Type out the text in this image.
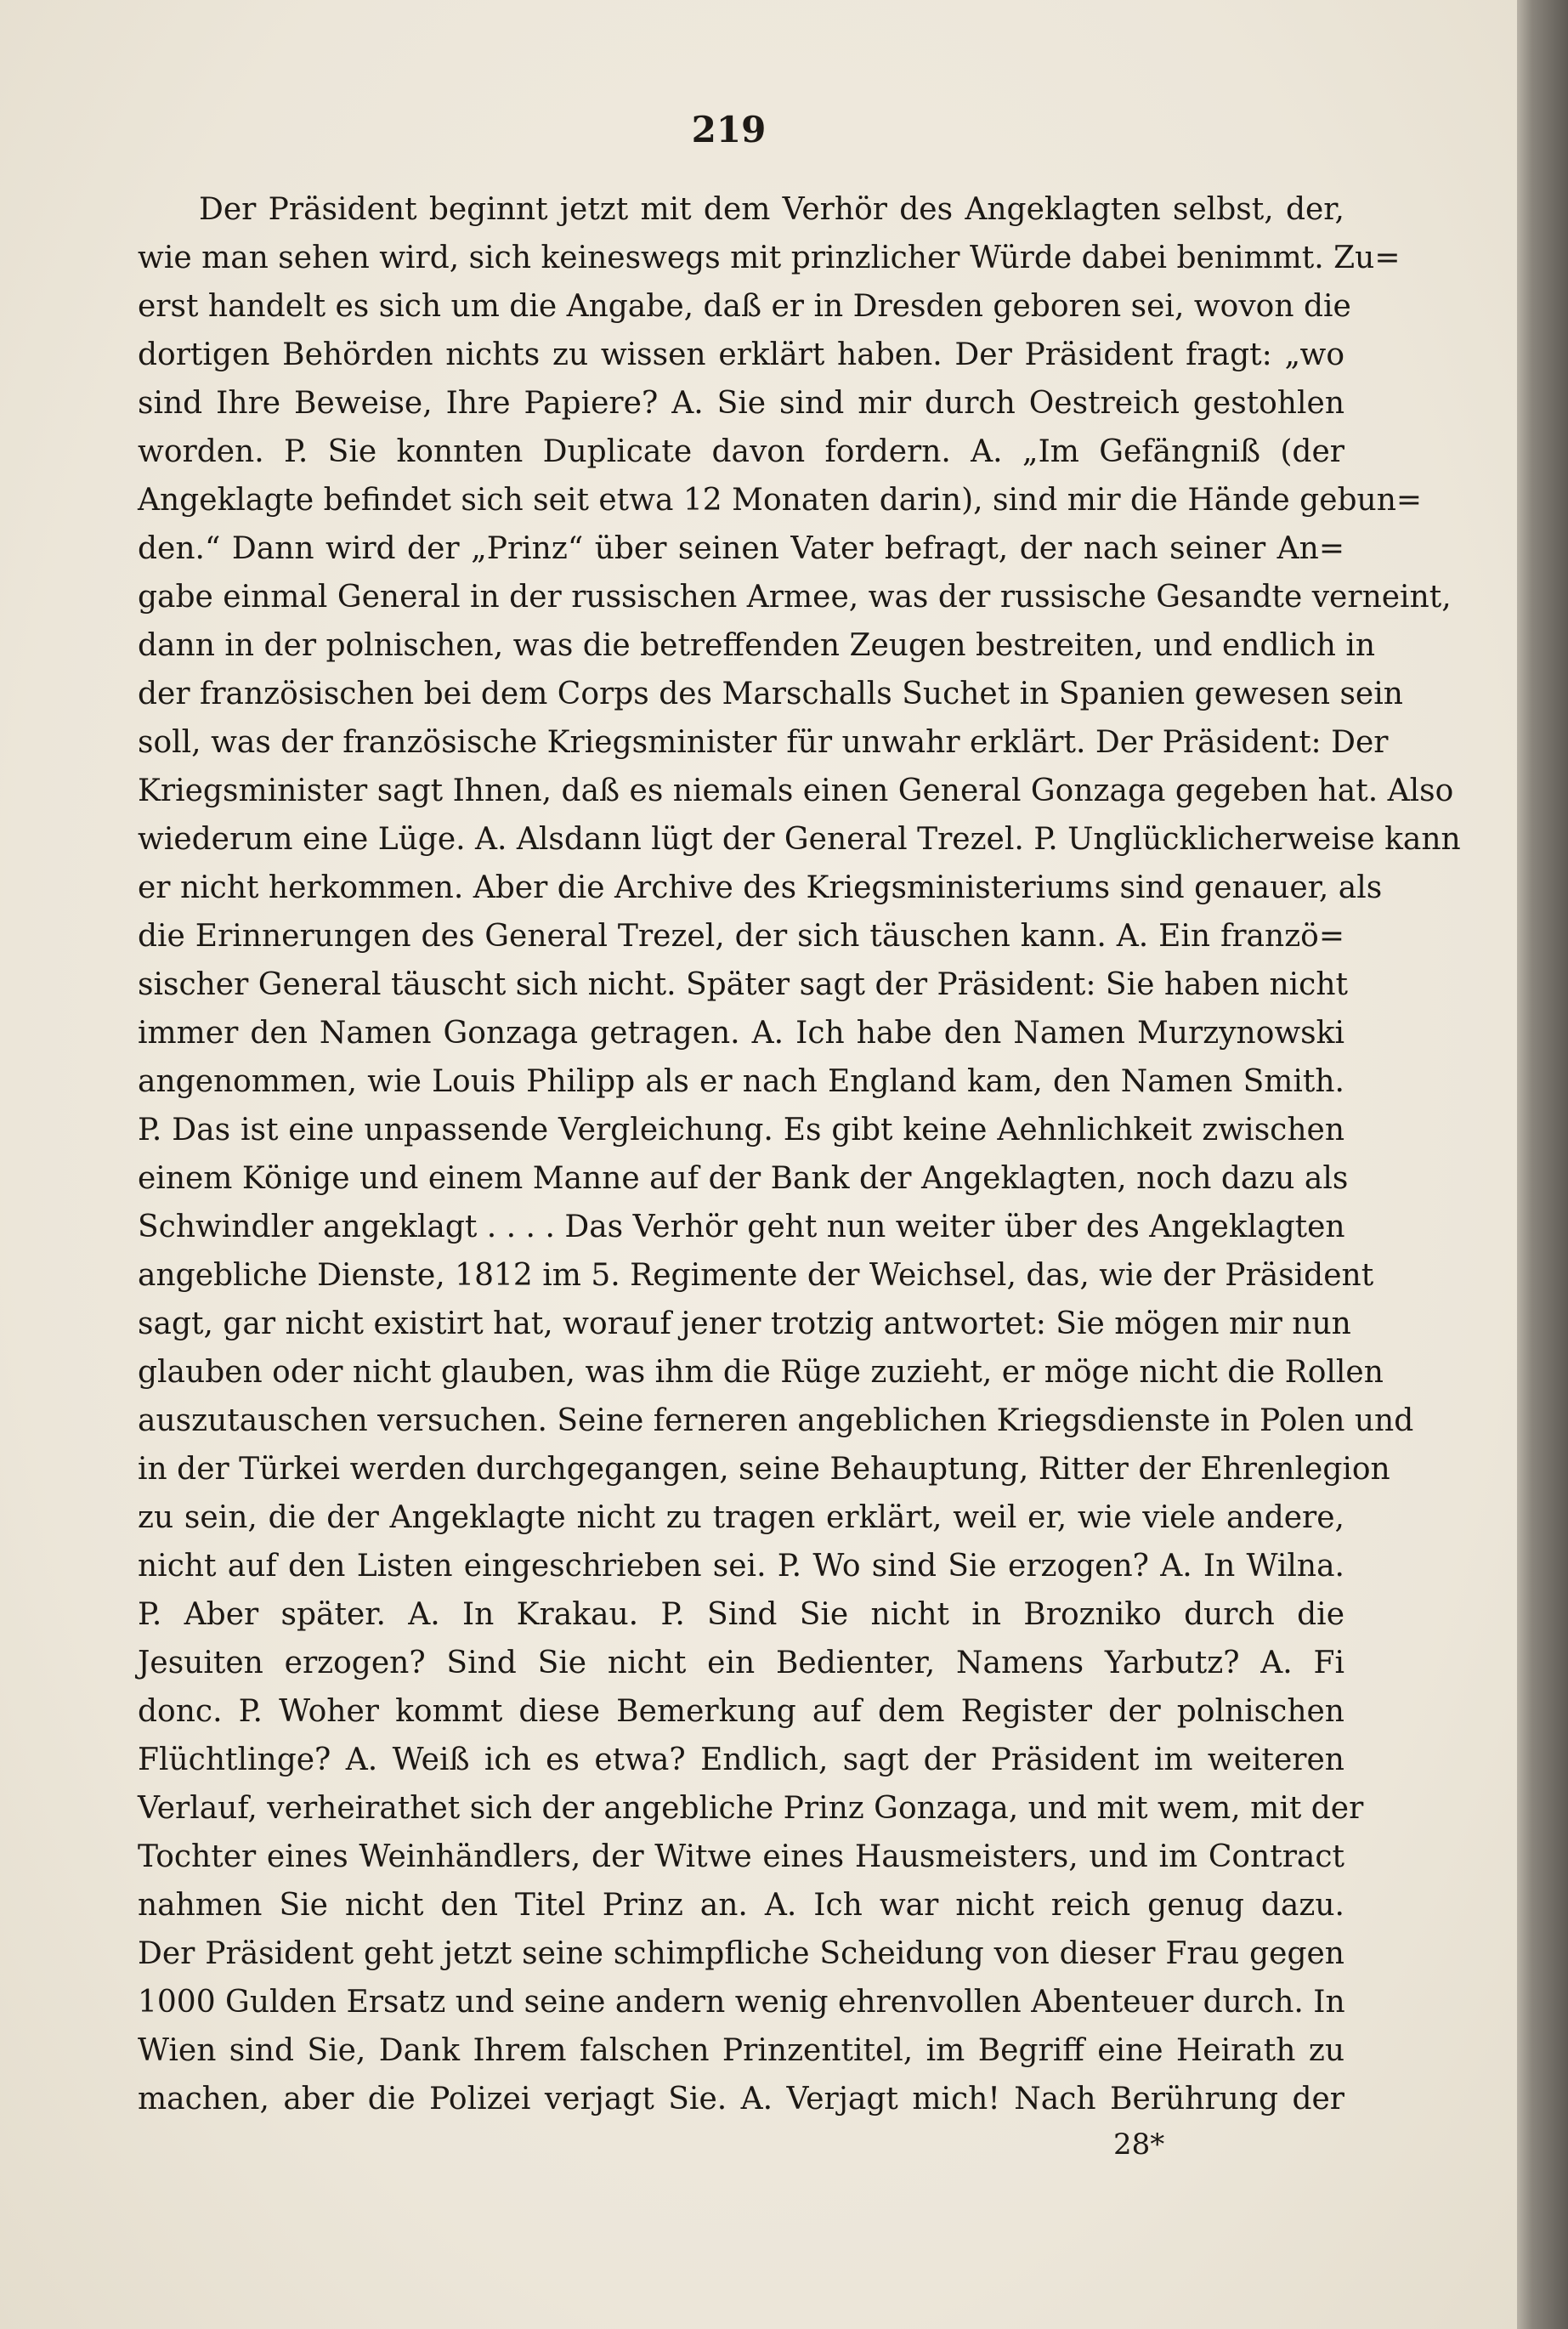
219
Der Präsident beginnt jetzt mit dem Verhör des Angeklagten selbst, der,
wie man sehen wird, sich keineswegs mit prinzlicher Würde dabei benimmt. Zu=
erst handelt es sich um die Angabe, daß er in Dresden geboren sei, wovon die
dortigen Behörden nichts zu wissen erklärt haben. Der Präsident fragt: „wo
sind Ihre Beweise, Ihre Papiere? A. Sie sind mir durch Oestreich gestohlen
worden. P. Sie konnten Duplicate davon fordern. A. „Im Gefängniß (der
Angeklagte befindet sich seit etwa 12 Monaten darin), sind mir die Hände gebun=
den.“ Dann wird der „Prinz“ über seinen Vater befragt, der nach seiner An=
gabe einmal General in der russischen Armee, was der russische Gesandte verneint,
dann in der polnischen, was die betreffenden Zeugen bestreiten, und endlich in
der französischen bei dem Corps des Marschalls Suchet in Spanien gewesen sein
soll, was der französische Kriegsminister für unwahr erklärt. Der Präsident: Der
Kriegsminister sagt Ihnen, daß es niemals einen General Gonzaga gegeben hat. Also
wiederum eine Lüge. A. Alsdann lügt der General Trezel. P. Unglücklicherweise kann
er nicht herkommen. Aber die Archive des Kriegsministeriums sind genauer, als
die Erinnerungen des General Trezel, der sich täuschen kann. A. Ein franzö=
sischer General täuscht sich nicht. Später sagt der Präsident: Sie haben nicht
immer den Namen Gonzaga getragen. A. Ich habe den Namen Murzynowski
angenommen, wie Louis Philipp als er nach England kam, den Namen Smith.
P. Das ist eine unpassende Vergleichung. Es gibt keine Aehnlichkeit zwischen
einem Könige und einem Manne auf der Bank der Angeklagten, noch dazu als
Schwindler angeklagt . . . . Das Verhör geht nun weiter über des Angeklagten
angebliche Dienste, 1812 im 5. Regimente der Weichsel, das, wie der Präsident
sagt, gar nicht existirt hat, worauf jener trotzig antwortet: Sie mögen mir nun
glauben oder nicht glauben, was ihm die Rüge zuzieht, er möge nicht die Rollen
auszutauschen versuchen. Seine ferneren angeblichen Kriegsdienste in Polen und
in der Türkei werden durchgegangen, seine Behauptung, Ritter der Ehrenlegion
zu sein, die der Angeklagte nicht zu tragen erklärt, weil er, wie viele andere,
nicht auf den Listen eingeschrieben sei. P. Wo sind Sie erzogen? A. In Wilna.
P. Aber später. A. In Krakau. P. Sind Sie nicht in Brozniko durch die
Jesuiten erzogen? Sind Sie nicht ein Bedienter, Namens Yarbutz? A. Fi
donc. P. Woher kommt diese Bemerkung auf dem Register der polnischen
Flüchtlinge? A. Weiß ich es etwa? Endlich, sagt der Präsident im weiteren
Verlauf, verheirathet sich der angebliche Prinz Gonzaga, und mit wem, mit der
Tochter eines Weinhändlers, der Witwe eines Hausmeisters, und im Contract
nahmen Sie nicht den Titel Prinz an. A. Ich war nicht reich genug dazu.
Der Präsident geht jetzt seine schimpfliche Scheidung von dieser Frau gegen
1000 Gulden Ersatz und seine andern wenig ehrenvollen Abenteuer durch. In
Wien sind Sie, Dank Ihrem falschen Prinzentitel, im Begriff eine Heirath zu
machen, aber die Polizei verjagt Sie. A. Verjagt mich! Nach Berührung der
28*
